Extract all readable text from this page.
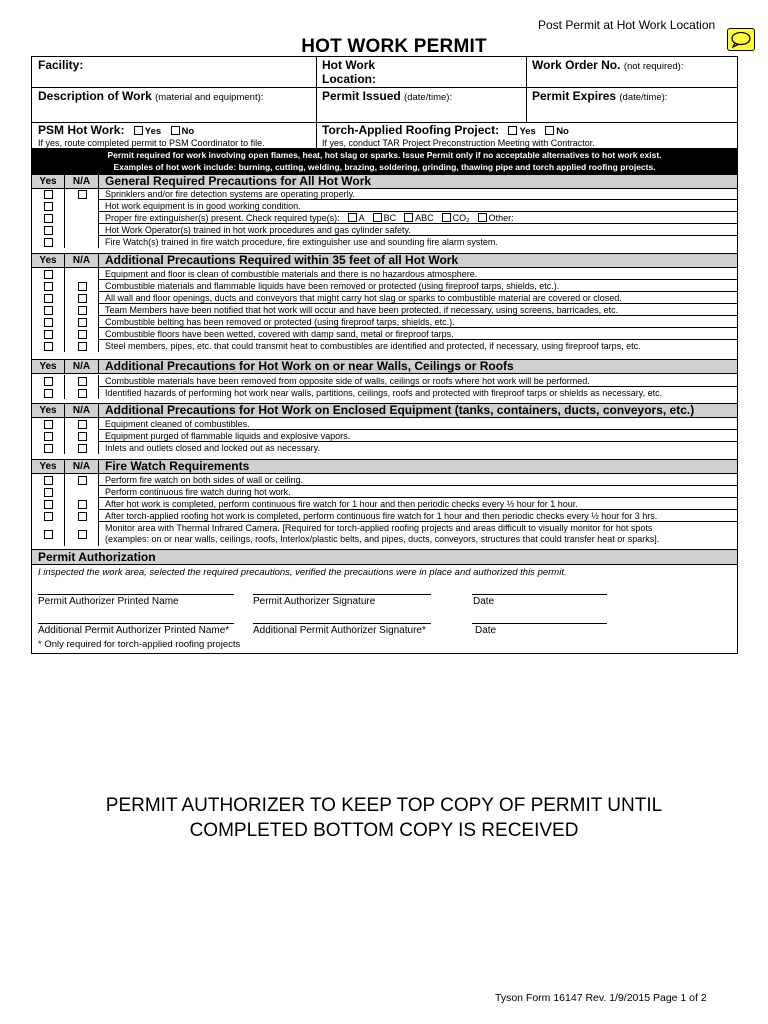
Post Permit at Hot Work Location
HOT WORK PERMIT
Facility:	Hot Work
Location:
Work Order No. (not required):
Description of Work (material and equipment):	Permit Issued (date/time):	Permit Expires (date/time):
PSM Hot Work: Yes No	Torch-Applied Roofing Project: Yes No
If yes, route completed permit to PSM Coordinator to file.	If yes, conduct TAR Project Preconstruction Meeting with Contractor.
Permit required for work involving open flames, heat, hot slag or sparks. Issue Permit only if no acceptable alternatives to hot work exist.
Examples of hot work include: burning, cutting, welding, brazing, soldering, grinding, thawing pipe and torch applied roofing projects.
Yes	N/A	General Required Precautions for All Hot Work
Sprinklers and/or fire detection systems are operating properly.
Hot work equipment is in good working condition.
Proper fire extinguisher(s) present. Check required type(s): A BC ABC CO₂ Other:
Hot Work Operator(s) trained in hot work procedures and gas cylinder safety.
Fire Watch(s) trained in fire watch procedure, fire extinguisher use and sounding fire alarm system.
Yes	N/A	Additional Precautions Required within 35 feet of all Hot Work
Equipment and floor is clean of combustible materials and there is no hazardous atmosphere.
Combustible materials and flammable liquids have been removed or protected (using fireproof tarps, shields, etc.).
All wall and floor openings, ducts and conveyors that might carry hot slag or sparks to combustible material are covered or closed.
Team Members have been notified that hot work will occur and have been protected, if necessary, using screens, barricades, etc.
Combustible belting has been removed or protected (using fireproof tarps, shields, etc.).
Combustible floors have been wetted, covered with damp sand, metal or fireproof tarps.
Steel members, pipes, etc. that could transmit heat to combustibles are identified and protected, if necessary, using fireproof tarps, etc.
Yes	N/A	Additional Precautions for Hot Work on or near Walls, Ceilings or Roofs
Combustible materials have been removed from opposite side of walls, ceilings or roofs where hot work will be performed.
Identified hazards of performing hot work near walls, partitions, ceilings, roofs and protected with fireproof tarps or shields as necessary, etc.
Yes	N/A	Additional Precautions for Hot Work on Enclosed Equipment (tanks, containers, ducts, conveyors, etc.)
Equipment cleaned of combustibles.
Equipment purged of flammable liquids and explosive vapors.
Inlets and outlets closed and locked out as necessary.
Yes	N/A	Fire Watch Requirements
Perform fire watch on both sides of wall or ceiling.
Perform continuous fire watch during hot work.
After hot work is completed, perform continuous fire watch for 1 hour and then periodic checks every ½ hour for 1 hour.
After torch-applied roofing hot work is completed, perform continuous fire watch for 1 hour and then periodic checks every ½ hour for 3 hrs.
Monitor area with Thermal Infrared Camera. [Required for torch-applied roofing projects and areas difficult to visually monitor for hot spots
(examples: on or near walls, ceilings, roofs, Interlox/plastic belts, and pipes, ducts, conveyors, structures that could transfer heat or sparks].
Permit Authorization
I inspected the work area, selected the required precautions, verified the precautions were in place and authorized this permit.
Permit Authorizer Printed Name	Permit Authorizer Signature	Date
Additional Permit Authorizer Printed Name* Additional Permit Authorizer Signature*	Date
* Only required for torch-applied roofing projects
PERMIT AUTHORIZER TO KEEP TOP COPY OF PERMIT UNTIL
COMPLETED BOTTOM COPY IS RECEIVED
Tyson Form 16147 Rev. 1/9/2015 Page 1 of 2
